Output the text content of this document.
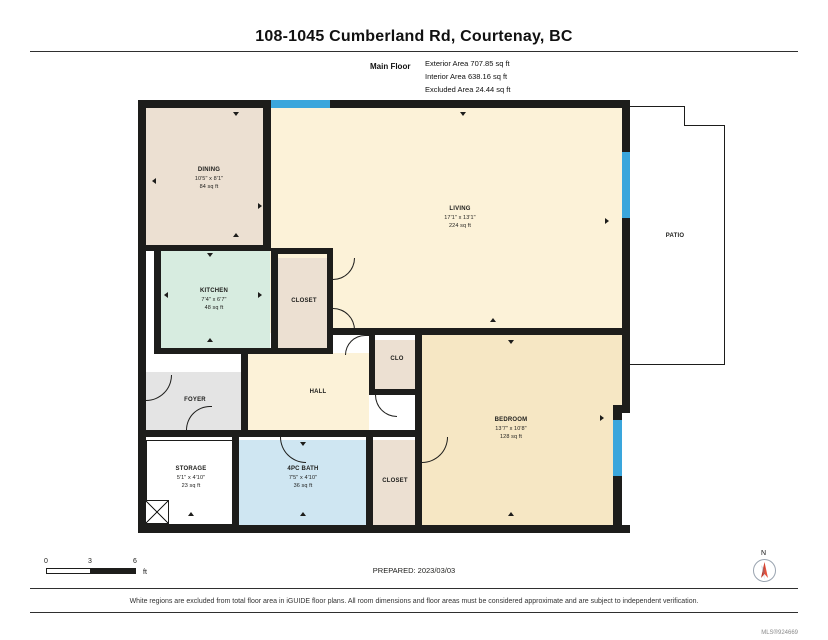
108-1045 Cumberland Rd, Courtenay, BC
Main Floor Exterior Area 707.85 sq ft
Interior Area 638.16 sq ft
Excluded Area 24.44 sq ft
PATIO
DINING
10'5" x 8'1"
84 sq ft
LIVING
17'1" x 13'1"
224 sq ft
KITCHEN
7'4" x 6'7"
48 sq ft
CLOSET
CLO
HALL
FOYER
BEDROOM
13'7" x 10'8"
128 sq ft
STORAGE
5'1" x 4'10"
23 sq ft
4PC BATH
7'5" x 4'10"
36 sq ft
CLOSET
0	3	6
ft	PREPARED: 2023/03/03
N
White regions are excluded from total floor area in iGUIDE floor plans. All room dimensions and floor areas must be considered approximate and are subject to independent verification.
MLS®924669
